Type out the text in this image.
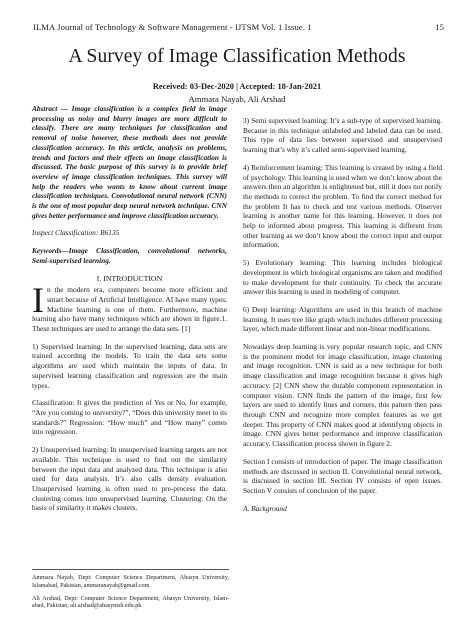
ILMA Journal of Technology & Software Management - IJTSM Vol. 1 Issue. 1	15
A Survey of Image Classification Methods
Received: 03-Dec-2020 | Accepted: 18-Jan-2021
Ammara Nayab, Ali Arshad

Abstract — Image classification is a complex field in image processing as noisy and blurry images are more difficult to classify. There are many techniques for classification and removal of noise however, these methods does not provide classification accuracy. In this article, analysis on problems, trends and factors and their effects on image classification is discussed. The basic purpose of this survey is to provide brief overview of image classification techniques. This survey will help the readers who wants to know about current image classification techniques. Convolutional neural network (CNN) is the one of most popular deep neural network technique. CNN gives better performance and improve classification accuracy.

Inspect Classification: B6135

Keywords—Image Classification, convolutional networks, Semi-supervised learning.

I. INTRODUCTION

In the modern era, computers become more efficient and smart because of Artificial Intelligence. AI have many types; Machine learning is one of them. Furthermore, machine learning also have many techniques which are shown in figure.1. These techniques are used to arrange the data sets. [1]

1) Supervised learning: In the supervised learning, data sets are trained according the models. To train the data sets some algorithms are used which maintain the inputs of data. In supervised learning classification and regression are the main types.

Classification: It gives the prediction of Yes or No, for example, “Are you coming to university?”, “Does this university meet to its standards?” Regression: “How much” and “How many” comes into regression.

2) Unsupervised learning: In unsupervised learning targets are not available. This technique is used to find out the similarity between the input data and analyzed data. This technique is also used for data analysis. It’s also calls density evaluation. Unsupervised learning is often used to pre-process the data. clustering comes into unsupervised learning. Clustering: On the basis of similarity it makes clusters.

3) Semi supervised learning: It’s a sub-type of supervised learning. Because in this technique unlabeled and labeled data can be used. This type of data lies between supervised and unsupervised learning that’s why it’s called semi-supervised learning.

4) Reinforcement learning: This learning is created by using a field of psychology. This learning is used when we don’t know about the answers then an algorithm is enlightened but, still it does not notify the methods to correct the problem. To find the correct method for the problem It has to check and test various methods. Observer learning is another name for this learning. However, it does not help to informed about progress. This learning is different from other learning as we don’t know about the correct input and output information.

5) Evolutionary learning: This learning includes biological development in which biological organisms are taken and modified to make development for their continuity. To check the accurate answer this learning is used in modeling of computer.

6) Deep learning: Algorithms are used in this branch of machine learning. It uses tree like graph which includes different processing layer, which made different linear and non-linear modifications.

Nowadays deep learning is very popular research topic, and CNN is the prominent model for image classification, image clustering and image recognition. CNN is said as a new technique for both image classification and image recognition because it gives high accuracy. [2] CNN show the durable component representation in computer vision. CNN finds the pattern of the image, first few layers are used to identify lines and corners, this pattern then pass through CNN and recognize more complex features as we get deeper. This property of CNN makes good at identifying objects in image. CNN gives better performance and improve classification accuracy. Classification process shown in figure 2.

Section I consists of introduction of paper. The image classification methods are discussed in section II. Convolutional neural network, is discussed in section III. Section IV consists of open issues. Section V consists of conclusion of the paper.

A. Background

Ammara Nayab, Dept: Computer Science Department, Abasyn University, Islamabad, Pakistan, ammaranayab@gmail.com

Ali Arshad, Dept: Computer Science Department, Abasyn University, Islam-abad, Pakistan, ali.arshad@abasynish.edu.pk
